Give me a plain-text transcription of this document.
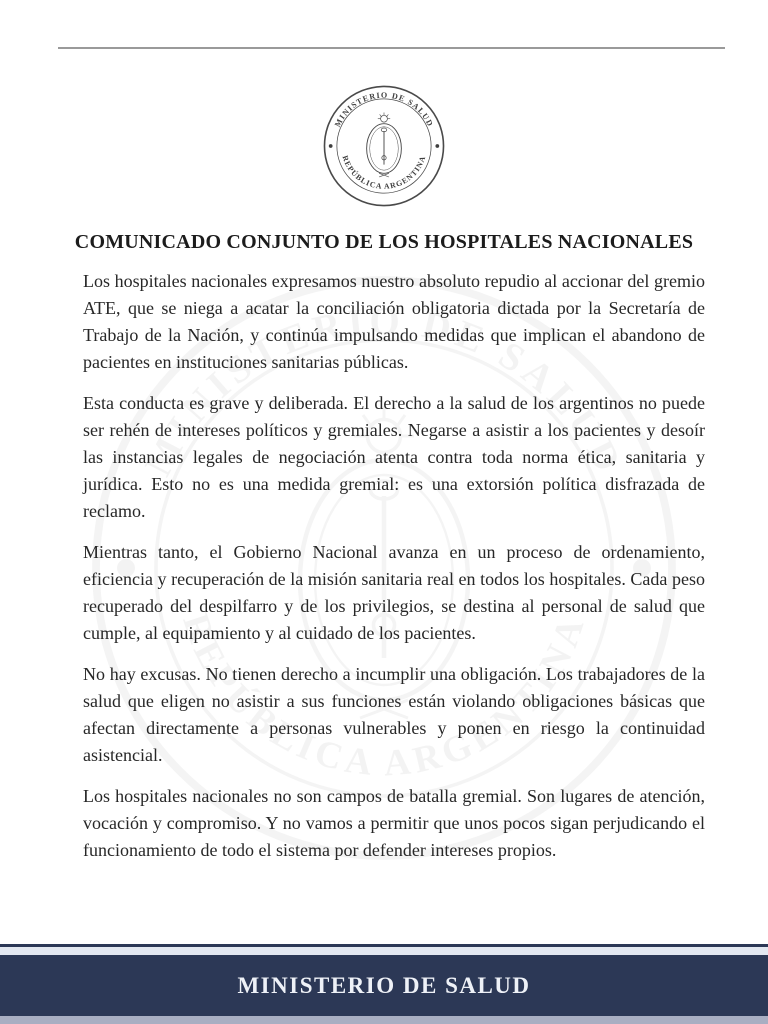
MINISTERIO DE SALUD
REPÚBLICA ARGENTINA
COMUNICADO CONJUNTO DE LOS HOSPITALES NACIONALES

Los hospitales nacionales expresamos nuestro absoluto repudio al accionar del gremio ATE, que se niega a acatar la conciliación obligatoria dictada por la Secretaría de Trabajo de la Nación, y continúa impulsando medidas que implican el abandono de pacientes en instituciones sanitarias públicas.

Esta conducta es grave y deliberada. El derecho a la salud de los argentinos no puede ser rehén de intereses políticos y gremiales. Negarse a asistir a los pacientes y desoír las instancias legales de negociación atenta contra toda norma ética, sanitaria y jurídica. Esto no es una medida gremial: es una extorsión política disfrazada de reclamo.

Mientras tanto, el Gobierno Nacional avanza en un proceso de ordenamiento, eficiencia y recuperación de la misión sanitaria real en todos los hospitales. Cada peso recuperado del despilfarro y de los privilegios, se destina al personal de salud que cumple, al equipamiento y al cuidado de los pacientes.

No hay excusas. No tienen derecho a incumplir una obligación. Los trabajadores de la salud que eligen no asistir a sus funciones están violando obligaciones básicas que afectan directamente a personas vulnerables y ponen en riesgo la continuidad asistencial.

Los hospitales nacionales no son campos de batalla gremial. Son lugares de atención, vocación y compromiso. Y no vamos a permitir que unos pocos sigan perjudicando el funcionamiento de todo el sistema por defender intereses propios.

MINISTERIO DE SALUD
